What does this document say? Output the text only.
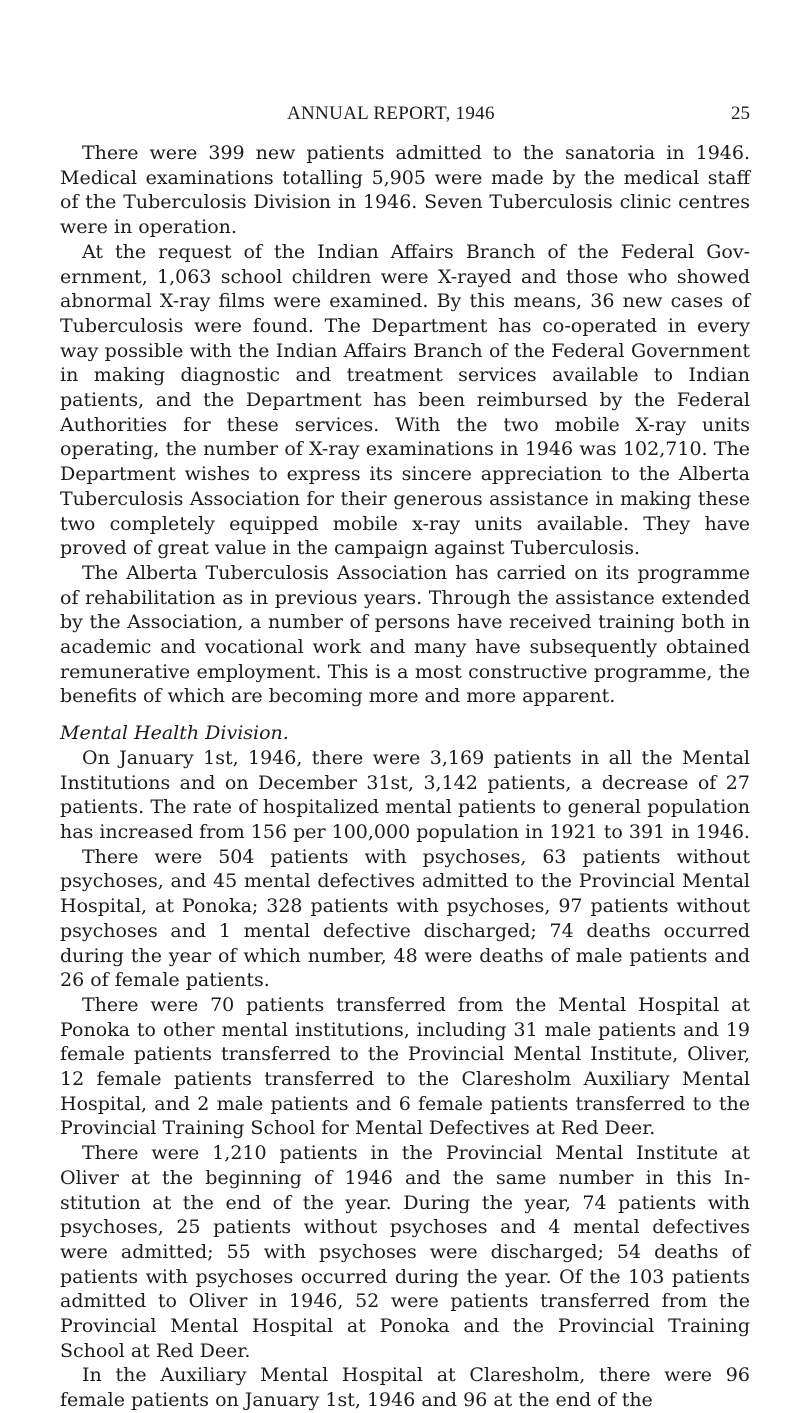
ANNUAL REPORT, 1946	25

There were 399 new patients admitted to the sanatoria in 1946. Medical examinations totalling 5,905 were made by the medical staff of the Tuberculosis Division in 1946. Seven Tuberculosis clinic centres were in operation.

At the request of the Indian Affairs Branch of the Federal Government, 1,063 school children were X-rayed and those who showed abnormal X-ray films were examined. By this means, 36 new cases of Tuberculosis were found. The Department has co-operated in every way possible with the Indian Affairs Branch of the Federal Government in making diagnostic and treatment services available to Indian patients, and the Department has been reimbursed by the Federal Authorities for these services. With the two mobile X-ray units operating, the number of X-ray examinations in 1946 was 102,710. The Department wishes to express its sincere appreciation to the Alberta Tuberculosis Association for their generous assistance in making these two completely equipped mobile x-ray units available. They have proved of great value in the campaign against Tuberculosis.

The Alberta Tuberculosis Association has carried on its programme of rehabilitation as in previous years. Through the assistance extended by the Association, a number of persons have received training both in academic and vocational work and many have subsequently obtained remunerative employment. This is a most constructive programme, the benefits of which are becoming more and more apparent.

Mental Health Division.

On January 1st, 1946, there were 3,169 patients in all the Mental Institutions and on December 31st, 3,142 patients, a decrease of 27 patients. The rate of hospitalized mental patients to general population has increased from 156 per 100,000 population in 1921 to 391 in 1946.

There were 504 patients with psychoses, 63 patients without psychoses, and 45 mental defectives admitted to the Provincial Mental Hospital, at Ponoka; 328 patients with psychoses, 97 patients without psychoses and 1 mental defective discharged; 74 deaths occurred during the year of which number, 48 were deaths of male patients and 26 of female patients.

There were 70 patients transferred from the Mental Hospital at Ponoka to other mental institutions, including 31 male patients and 19 female patients transferred to the Provincial Mental Institute, Oliver, 12 female patients transferred to the Claresholm Auxiliary Mental Hospital, and 2 male patients and 6 female patients transferred to the Provincial Training School for Mental Defectives at Red Deer.

There were 1,210 patients in the Provincial Mental Institute at Oliver at the beginning of 1946 and the same number in this Institution at the end of the year. During the year, 74 patients with psychoses, 25 patients without psychoses and 4 mental defectives were admitted; 55 with psychoses were discharged; 54 deaths of patients with psychoses occurred during the year. Of the 103 patients admitted to Oliver in 1946, 52 were patients transferred from the Provincial Mental Hospital at Ponoka and the Provincial Training School at Red Deer.

In the Auxiliary Mental Hospital at Claresholm, there were 96 female patients on January 1st, 1946 and 96 at the end of the
